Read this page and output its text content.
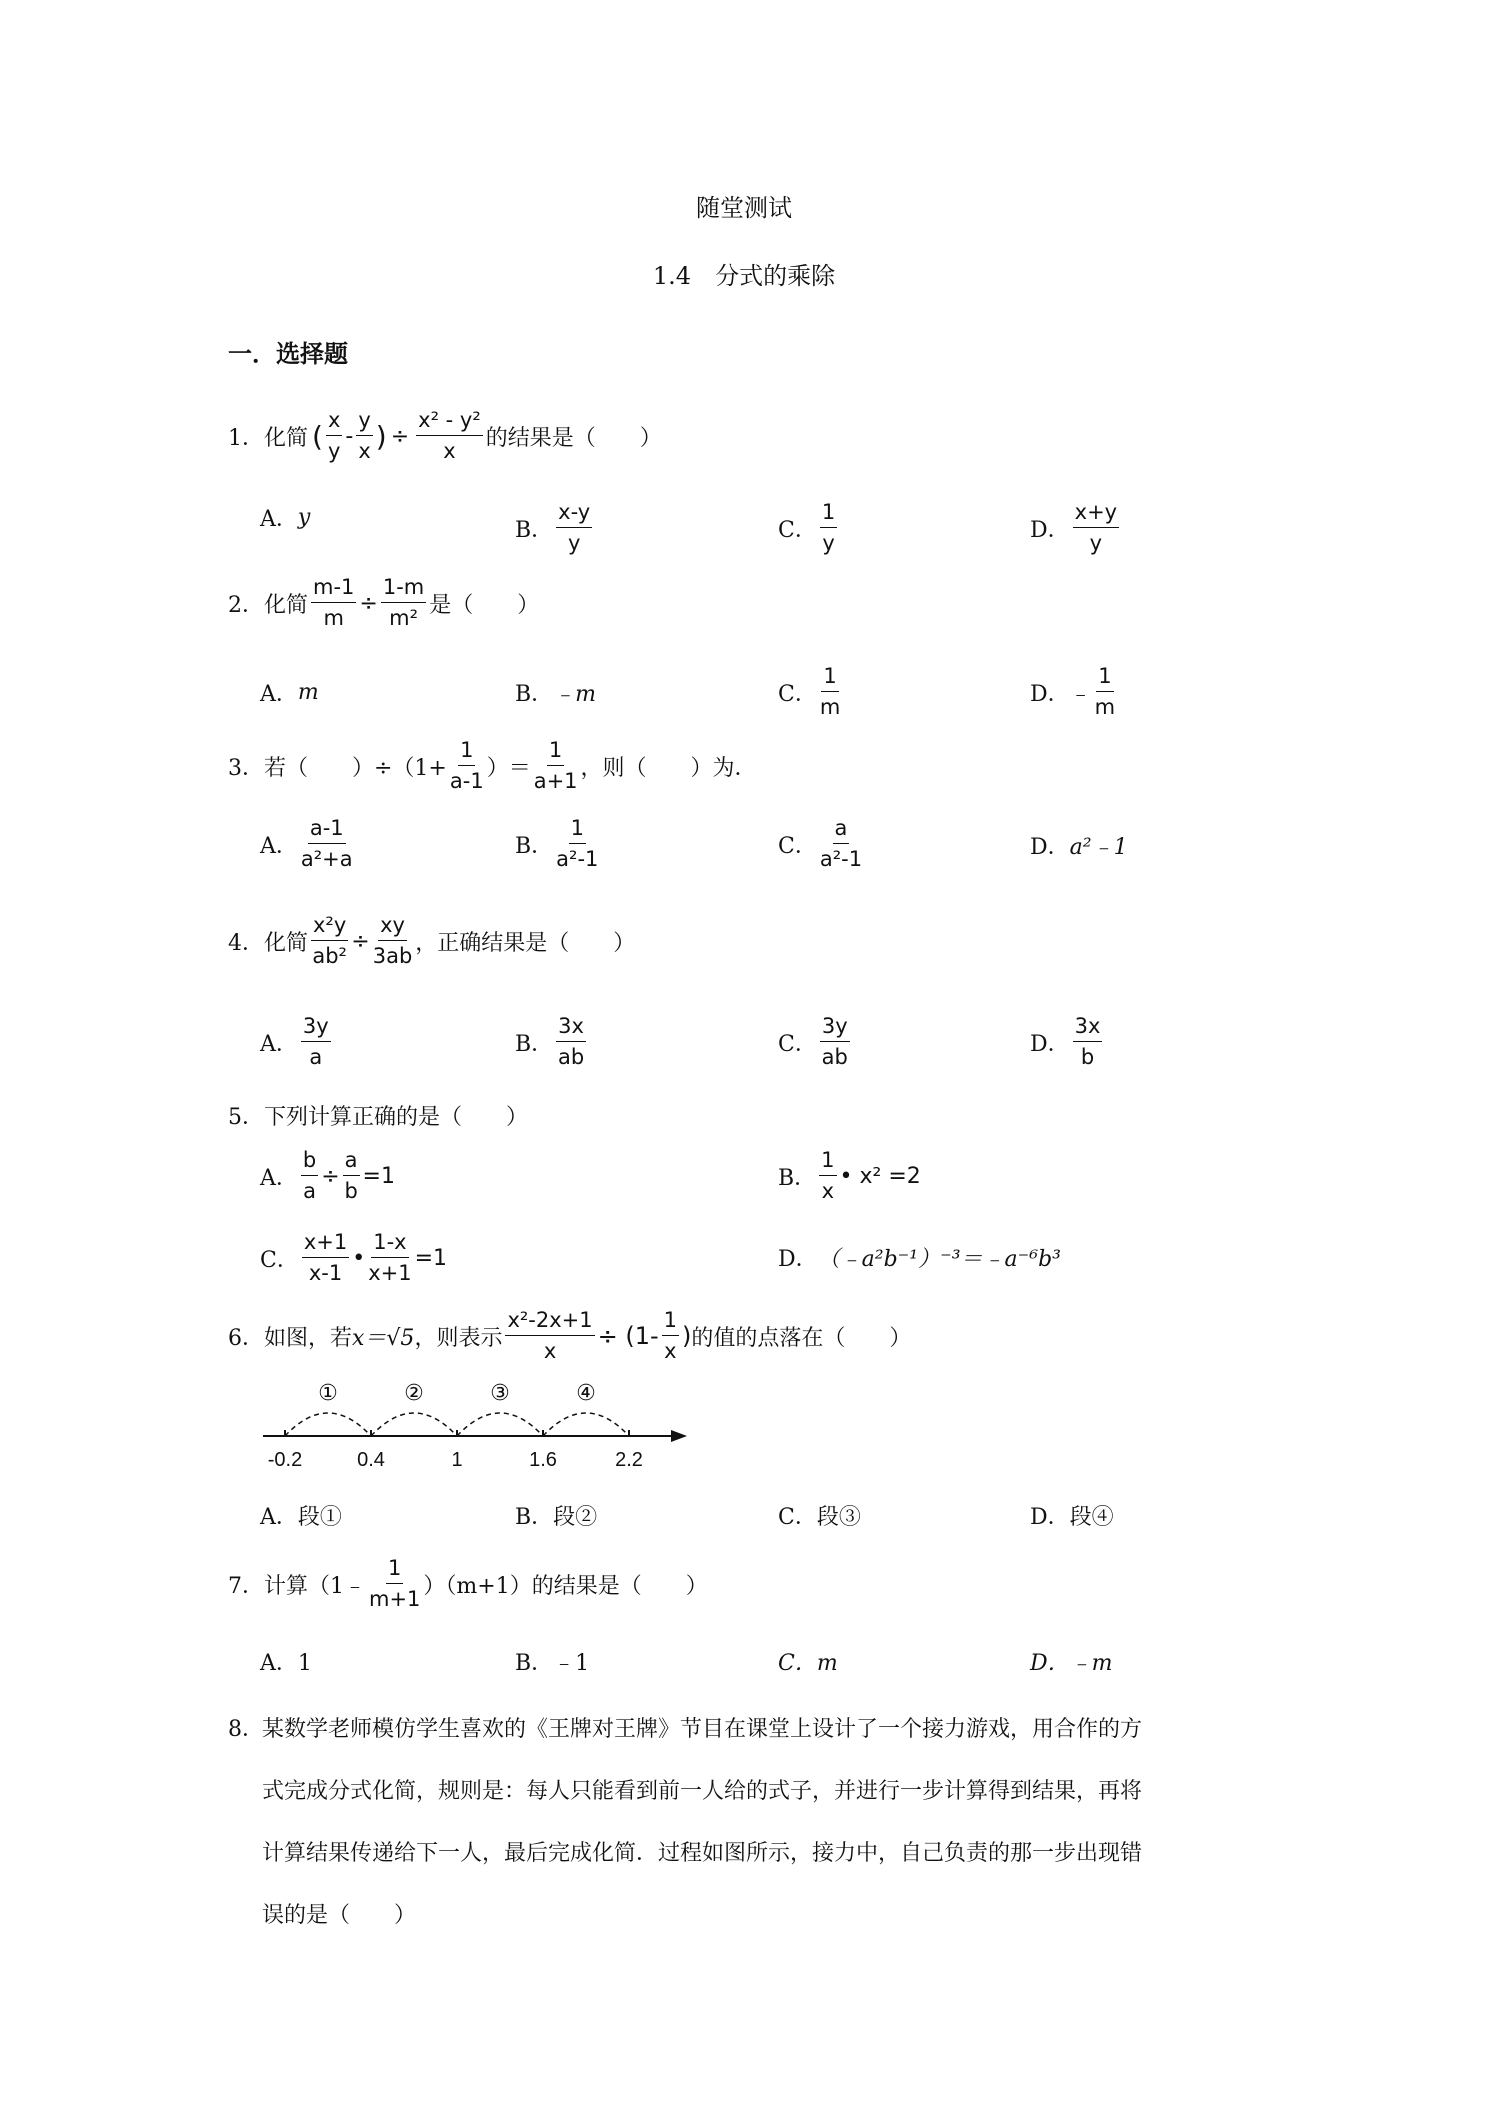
随堂测试
1.4　分式的乘除
一．选择题
1．化简 ( $\frac{x}{y} - \frac{y}{x}$ ) ÷ $\frac{\text{x² - y²}}{x}$ 的结果是（　　）
A． y	B． $\frac{x-y}{y}$	C． $\frac{1}{y}$	D． $\frac{x+y}{y}$
2．化简 $\frac{m-1}{m} \div \frac{1-m}{\text{m²}}$ 是（　　）
A． m	B． ﹣m	C． $\frac{1}{m}$	D． ﹣ $\frac{1}{m}$
3．若（　　）$\div(1+ \frac{1}{a-1}$ ）＝ $\frac{1}{a+1}$ ，则（　　）为．
A． $\frac{a-1}{\text{a²+a}}$	B． $\frac{1}{\text{a²-1}}$	C． $\frac{a}{\text{a²-1}}$	D． a²﹣1
4．化简 $\frac{\text{x²y}}{\text{ab²}} \div \frac{xy}{3ab}$ ，正确结果是（　　）
A． $\frac{3y}{a}$	B． $\frac{3x}{ab}$	C． $\frac{3y}{ab}$	D． $\frac{3x}{b}$
5．下列计算正确的是（　　）
A． $\frac{b}{a} \div \frac{a}{b} =1$	B． $\frac{1}{x}$ • x² =2
C． $\frac{x+1}{x-1}$ • $\frac{1-x}{x+1} =1$	D． （﹣a²b⁻¹）⁻³＝﹣a⁻⁶b³
6．如图，若 x＝√5 ，则表示 $\frac{\text{x²-2x+1}}{x} \div (1- \frac{1}{x}$ ) 的值的点落在（　　）
-0.2	0.4	1	1.6	2.2
①	②	③	④
A．段①	B．段②	C．段③	D．段④
7．计算（1﹣ $\frac{1}{m+1} )(m+1)$的结果是（　　）
A．1	B．﹣1	C．m	D．﹣m
8．
某数学老师模仿学生喜欢的《王牌对王牌》节目在课堂上设计了一个接力游戏，用合作的方
式完成分式化简，规则是：每人只能看到前一人给的式子，并进行一步计算得到结果，再将
计算结果传递给下一人，最后完成化简．过程如图所示，接力中，自己负责的那一步出现错
误的是（　　）
